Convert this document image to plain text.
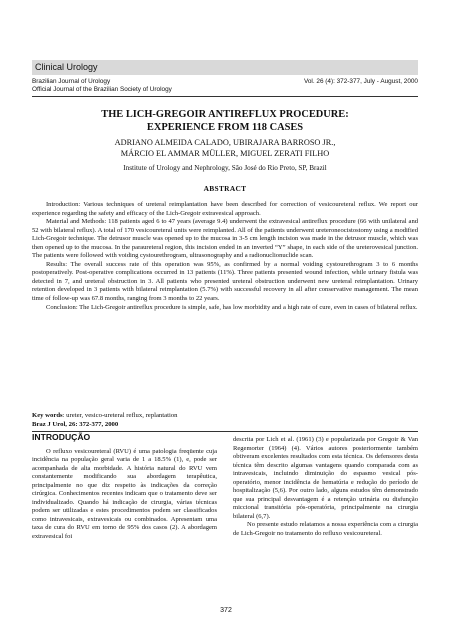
Clinical Urology
Brazilian Journal of Urology
Official Journal of the Brazilian Society of Urology
Vol. 26 (4): 372-377, July - August, 2000
THE LICH-GREGOIR ANTIREFLUX PROCEDURE:
EXPERIENCE FROM 118 CASES
ADRIANO ALMEIDA CALADO, UBIRAJARA BARROSO JR.,
MÁRCIO EL AMMAR MÜLLER, MIGUEL ZERATI FILHO
Institute of Urology and Nephrology, São José do Rio Preto, SP, Brazil
ABSTRACT

Introduction: Various techniques of ureteral reimplantation have been described for correction of vesicoureteral reflux. We report our experience regarding the safety and efficacy of the Lich-Gregoir extravesical approach.

Material and Methods: 118 patients aged 6 to 47 years (average 9.4) underwent the extravesical antireflux procedure (66 with unilateral and 52 with bilateral reflux). A total of 170 vesicoureteral units were reimplanted. All of the patients underwent ureteroneocistostomy using a modified Lich-Gregoir technique. The detrusor muscle was opened up to the mucosa in 3-5 cm length incision was made in the detrusor muscle, which was then opened up to the mucosa. In the paraureteral region, this incision ended in an inverted “Y” shape, in each side of the ureterovesical junction. The patients were followed with voiding cystourethrogram, ultrasonography and a radionuclionuclide scan.

Results: The overall success rate of this operation was 95%, as confirmed by a normal voiding cystourethrogram 3 to 6 months postoperatively. Post-operative complications occurred in 13 patients (11%). Three patients presented wound infection, while urinary fistula was detected in 7, and ureteral obstruction in 3. All patients who presented ureteral obstruction underwent new ureteral reimplantation. Urinary retention developed in 3 patients with bilateral reimplantation (5.7%) with successful recovery in all after conservative management. The mean time of follow-up was 67.8 months, ranging from 3 months to 22 years.

Conclusion: The Lich-Gregoir antireflux procedure is simple, safe, has low morbidity and a high rate of cure, even in cases of bilateral reflux.

Key words: ureter, vesico-ureteral reflux, replantation
Braz J Urol, 26: 372-377, 2000
INTRODUÇÃO

O refluxo vesicoureteral (RVU) é uma patologia freqüente cuja incidência na população geral varia de 1 a 18.5% (1), e, pode ser acompanhada de alta morbidade. A história natural do RVU vem constantemente modificando sua abordagem terapêutica, principalmente no que diz respeito às indicações da correção cirúrgica. Conhecimentos recentes indicam que o tratamento deve ser individualizado. Quando há indicação de cirurgia, várias técnicas podem ser utilizadas e estes procedimentos podem ser classificados como intravesicais, extravesicais ou combinados. Apresentam uma taxa de cura do RVU em torno de 95% dos casos (2). A abordagem extravesical foi

descrita por Lich et al. (1961) (3) e popularizada por Gregoir & Van Regemorter (1964) (4). Vários autores posteriormente também obtiveram excelentes resultados com esta técnica. Os defensores desta técnica têm descrito algumas vantagens quando comparada com as intravesicais, incluindo diminuição do espasmo vesical pós-operatório, menor incidência de hematúria e redução do período de hospitalização (5,6). Por outro lado, alguns estudos têm demonstrado que sua principal desvantagem é a retenção urinária ou disfunção miccional transitória pós-operatória, principalmente na cirurgia bilateral (6,7).

No presente estudo relatamos a nossa experiência com a cirurgia de Lich-Gregoir no tratamento do refluxo vesicoureteral.

372
